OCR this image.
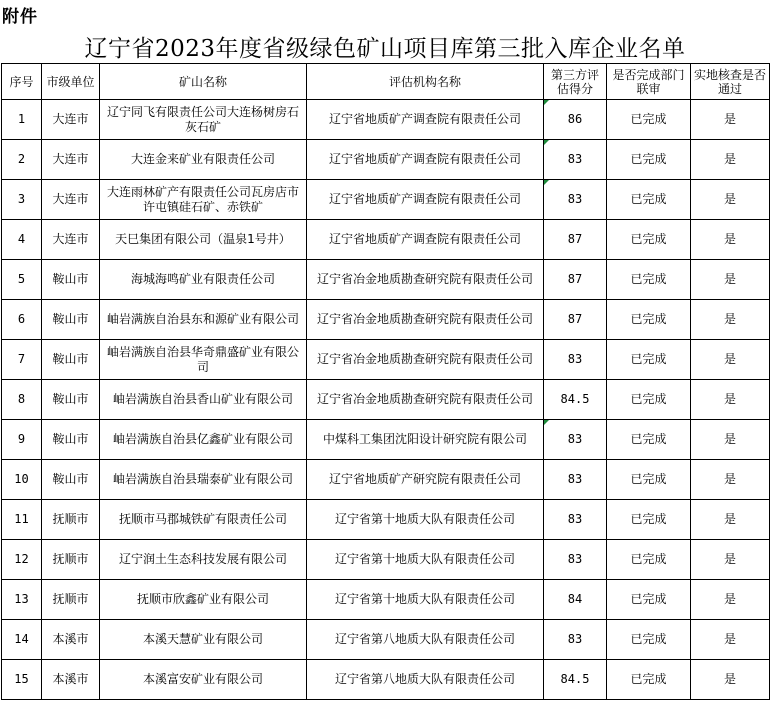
附件
辽宁省2023年度省级绿色矿山项目库第三批入库企业名单
序号	市级单位	矿山名称	评估机构名称	第三方评估得分	是否完成部门联审	实地核查是否通过
1	大连市	辽宁同飞有限责任公司大连杨树房石灰石矿	辽宁省地质矿产调查院有限责任公司	86	已完成	是
2	大连市	大连金来矿业有限责任公司	辽宁省地质矿产调查院有限责任公司	83	已完成	是
3	大连市	大连雨林矿产有限责任公司瓦房店市许屯镇硅石矿、赤铁矿	辽宁省地质矿产调查院有限责任公司	83	已完成	是
4	大连市	天巳集团有限公司（温泉1号井）	辽宁省地质矿产调查院有限责任公司	87	已完成	是
5	鞍山市	海城海鸣矿业有限责任公司	辽宁省冶金地质勘查研究院有限责任公司	87	已完成	是
6	鞍山市	岫岩满族自治县东和源矿业有限公司	辽宁省冶金地质勘查研究院有限责任公司	87	已完成	是
7	鞍山市	岫岩满族自治县华奇鼎盛矿业有限公司	辽宁省冶金地质勘查研究院有限责任公司	83	已完成	是
8	鞍山市	岫岩满族自治县香山矿业有限公司	辽宁省冶金地质勘查研究院有限责任公司	84.5	已完成	是
9	鞍山市	岫岩满族自治县亿鑫矿业有限公司	中煤科工集团沈阳设计研究院有限公司	83	已完成	是
10	鞍山市	岫岩满族自治县瑞泰矿业有限公司	辽宁省地质矿产研究院有限责任公司	83	已完成	是
11	抚顺市	抚顺市马郡城铁矿有限责任公司	辽宁省第十地质大队有限责任公司	83	已完成	是
12	抚顺市	辽宁润土生态科技发展有限公司	辽宁省第十地质大队有限责任公司	83	已完成	是
13	抚顺市	抚顺市欣鑫矿业有限公司	辽宁省第十地质大队有限责任公司	84	已完成	是
14	本溪市	本溪天慧矿业有限公司	辽宁省第八地质大队有限责任公司	83	已完成	是
15	本溪市	本溪富安矿业有限公司	辽宁省第八地质大队有限责任公司	84.5	已完成	是
